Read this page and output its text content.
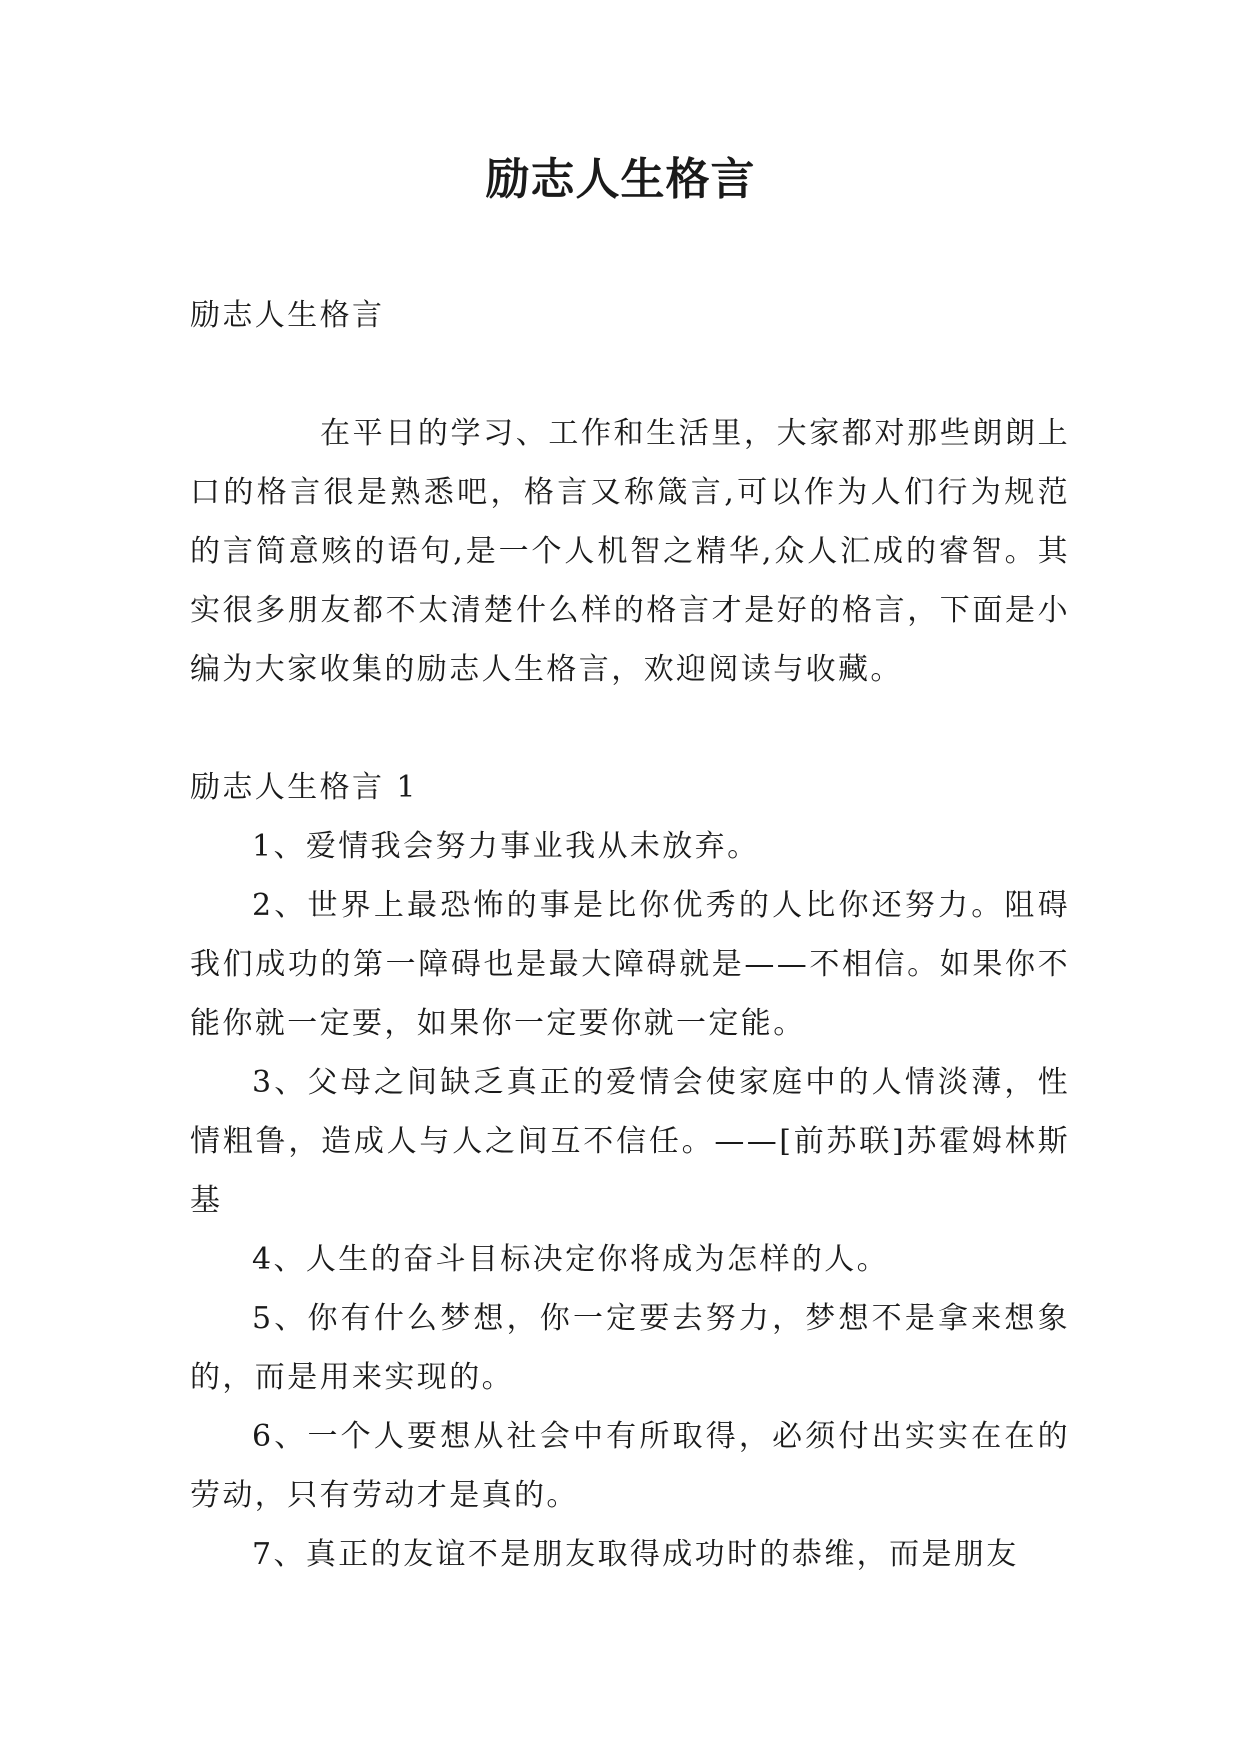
励志人生格言

励志人生格言

在平日的学习、工作和生活里，大家都对那些朗朗上口的格言很是熟悉吧，格言又称箴言,可以作为人们行为规范的言简意赅的语句,是一个人机智之精华,众人汇成的睿智。其实很多朋友都不太清楚什么样的格言才是好的格言，下面是小编为大家收集的励志人生格言，欢迎阅读与收藏。

励志人生格言 1

1、爱情我会努力事业我从未放弃。

2、世界上最恐怖的事是比你优秀的人比你还努力。阻碍我们成功的第一障碍也是最大障碍就是——不相信。如果你不能你就一定要，如果你一定要你就一定能。

3、父母之间缺乏真正的爱情会使家庭中的人情淡薄，性情粗鲁，造成人与人之间互不信任。——[前苏联]苏霍姆林斯基

4、人生的奋斗目标决定你将成为怎样的人。

5、你有什么梦想，你一定要去努力，梦想不是拿来想象的，而是用来实现的。

6、一个人要想从社会中有所取得，必须付出实实在在的劳动，只有劳动才是真的。

7、真正的友谊不是朋友取得成功时的恭维，而是朋友
